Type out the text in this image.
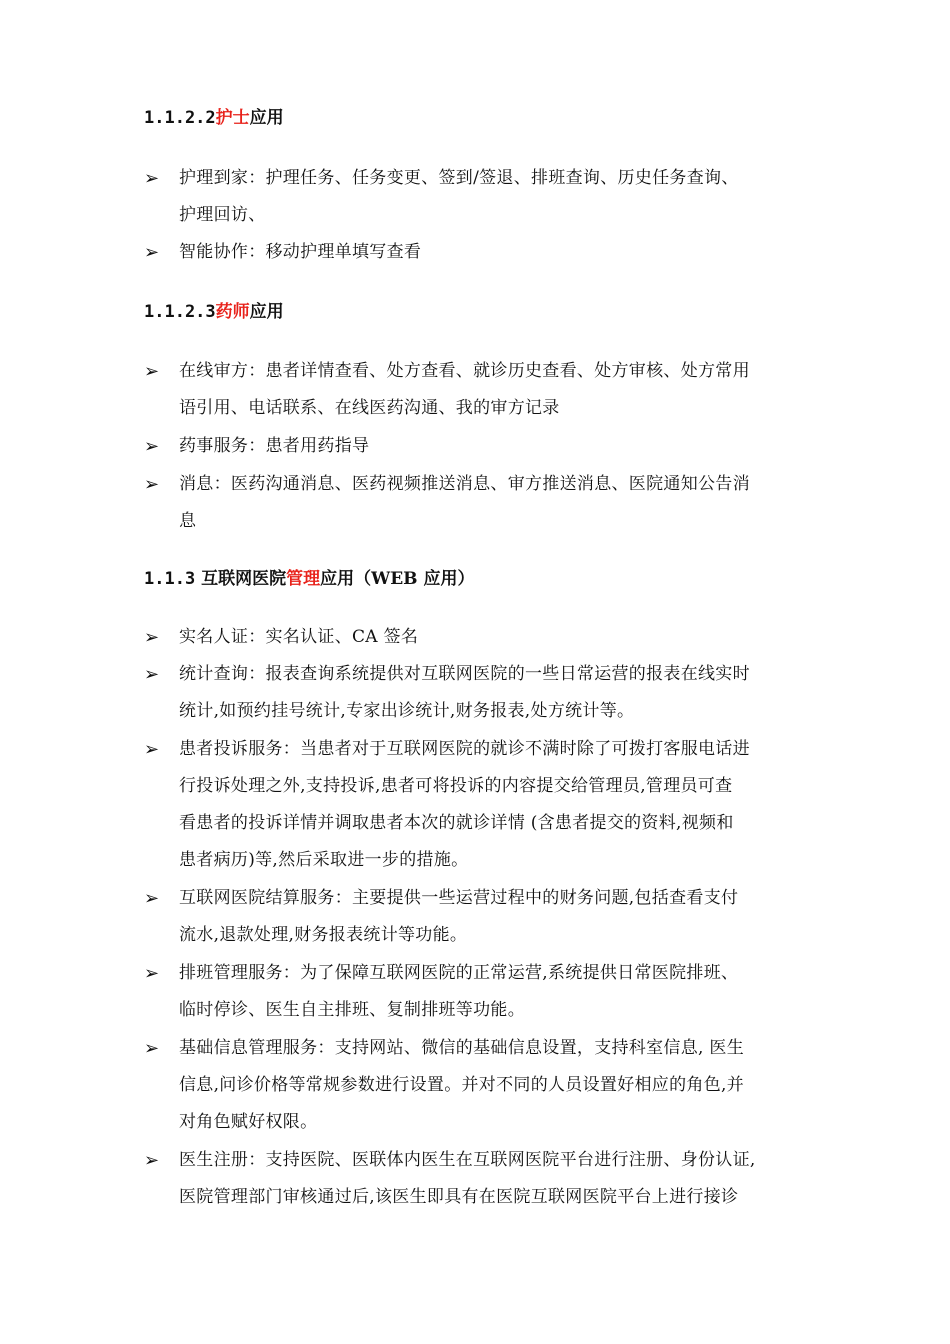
1.1.2.2护士应用
➢ 护理到家：护理任务、任务变更、签到/签退、排班查询、历史任务查询、
护理回访、
➢ 智能协作：移动护理单填写查看
1.1.2.3药师应用
➢ 在线审方：患者详情查看、处方查看、就诊历史查看、处方审核、处方常用
语引用、电话联系、在线医药沟通、我的审方记录
➢ 药事服务：患者用药指导
➢ 消息：医药沟通消息、医药视频推送消息、审方推送消息、医院通知公告消
息
1.1.3 互联网医院管理应用（WEB 应用）
➢ 实名人证：实名认证、CA 签名
➢ 统计查询：报表查询系统提供对互联网医院的一些日常运营的报表在线实时
统计,如预约挂号统计,专家出诊统计,财务报表,处方统计等。
➢ 患者投诉服务：当患者对于互联网医院的就诊不满时除了可拨打客服电话进
行投诉处理之外,支持投诉,患者可将投诉的内容提交给管理员,管理员可查
看患者的投诉详情并调取患者本次的就诊详情 (含患者提交的资料,视频和
患者病历)等,然后采取进一步的措施。
➢ 互联网医院结算服务：主要提供一些运营过程中的财务问题,包括查看支付
流水,退款处理,财务报表统计等功能。
➢ 排班管理服务：为了保障互联网医院的正常运营,系统提供日常医院排班、
临时停诊、医生自主排班、复制排班等功能。
➢ 基础信息管理服务：支持网站、微信的基础信息设置，支持科室信息, 医生
信息,问诊价格等常规参数进行设置。并对不同的人员设置好相应的角色,并
对角色赋好权限。
➢ 医生注册：支持医院、医联体内医生在互联网医院平台进行注册、身份认证,
医院管理部门审核通过后,该医生即具有在医院互联网医院平台上进行接诊
